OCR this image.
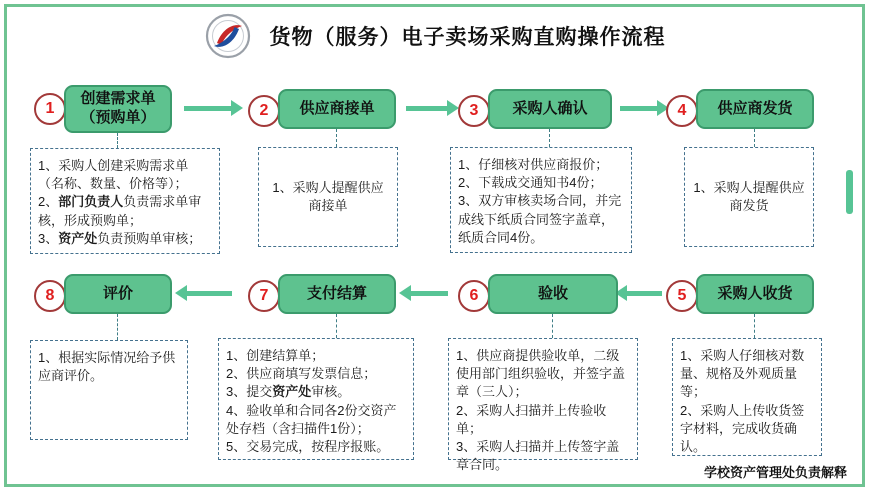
货物（服务）电子卖场采购直购操作流程
1
创建需求单
（预购单）
1、采购人创建采购需求单（名称、数量、价格等）；
2、部门负责人负责需求单审核，形成预购单；
3、资产处负责预购单审核；
2	供应商接单
1、采购人提醒供应商接单
3	采购人确认
1、仔细核对供应商报价；
2、下载成交通知书4份；
3、双方审核卖场合同，并完成线下纸质合同签字盖章，纸质合同4份。
4	供应商发货
1、采购人提醒供应商发货
5	采购人收货
1、采购人仔细核对数量、规格及外观质量等；
2、采购人上传收货签字材料，完成收货确认。
6	验收
1、供应商提供验收单，二级使用部门组织验收，并签字盖章（三人）；
2、采购人扫描并上传验收单；
3、采购人扫描并上传签字盖章合同。
7	支付结算
1、创建结算单；
2、供应商填写发票信息；
3、提交资产处审核。
4、验收单和合同各2份交资产处存档（含扫描件1份）；
5、交易完成，按程序报账。
8	评价
1、根据实际情况给予供应商评价。
学校资产管理处负责解释
